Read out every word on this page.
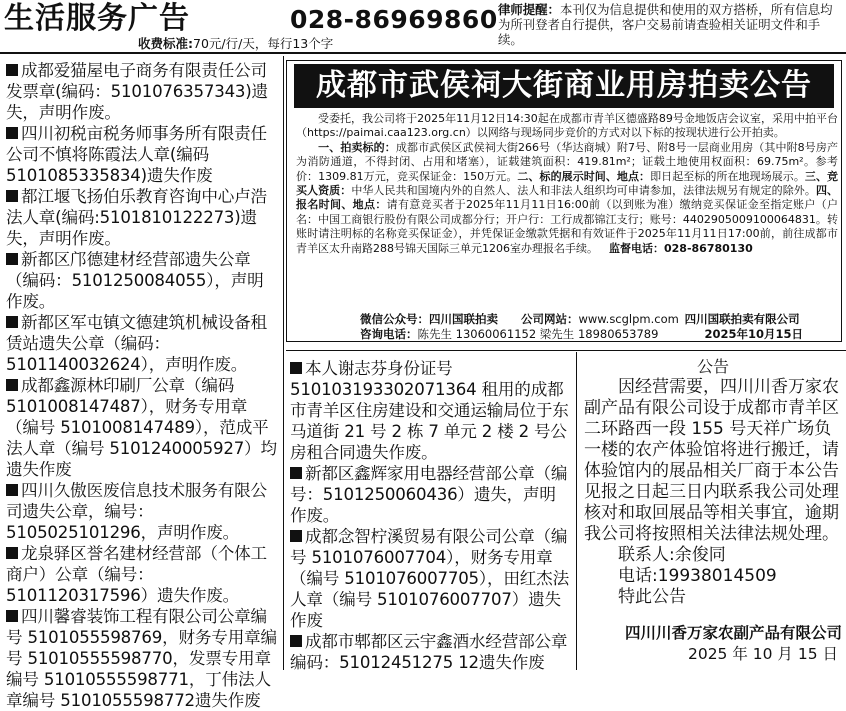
生活服务广告	028-86969860 律师提醒：本刊仅为信息提供和使用的双方搭桥，所有信息均为所刊登者自行提供，客户交易前请查验相关证明文件和手续。
收费标准:70元/行/天，每行13个字

成都爱猫屋电子商务有限责任公司发票章(编码：5101076357343)遗失，声明作废。

四川初税亩税务师事务所有限责任公司不慎将陈霞法人章(编码5101085335834)遗失作废

都江堰飞扬伯乐教育咨询中心卢浩法人章(编码:5101810122273)遗失，声明作废。

新都区邝德建材经营部遗失公章（编码：5101250084055），声明作废。

新都区军屯镇文德建筑机械设备租赁站遗失公章（编码：5101140032624），声明作废。

成都鑫源林印刷厂公章（编码 5101008147487），财务专用章（编号 5101008147489），范成平法人章（编号 5101240005927）均遗失作废

四川久傲医废信息技术服务有限公司遗失公章，编号：5105025101296，声明作废。

龙泉驿区誉名建材经营部（个体工商户）公章（编号：5101120317596）遗失作废。

四川馨睿装饰工程有限公司公章编号 5101055598769，财务专用章编号 51010555598770，发票专用章编号 51010555598771，丁伟法人章编号 5101055598772遗失作废

成都市武侯祠大街商业用房拍卖公告

  受委托，我公司将于2025年11月12日14:30起在成都市青羊区德盛路89号金地饭店会议室，采用中拍平台（https://paimai.caa123.org.cn）以网络与现场同步竞价的方式对以下标的按现状进行公开拍卖。

  一、拍卖标的：成都市武侯区武侯祠大街266号（华达商城）附7号、附8号一层商业用房（其中附8号房产为消防通道，不得封闭、占用和堵塞），证载建筑面积：419.81m²；证载土地使用权面积：69.75m²。参考价：1309.81万元，竞买保证金：150万元。二、标的展示时间、地点：即日起至标的所在地现场展示。三、竞买人资质：中华人民共和国境内外的自然人、法人和非法人组织均可申请参加，法律法规另有规定的除外。四、报名时间、地点：请有意竞买者于2025年11月11日16:00前（以到账为准）缴纳竞买保证金至指定账户（户名：中国工商银行股份有限公司成都分行；开户行：工行成都锦江支行；账号：4402905009100064831。转账时请注明标的名称竞买保证金），并凭保证金缴款凭据和有效证件于2025年11月11日17:00前，前往成都市青羊区太升南路288号锦天国际三单元1206室办理报名手续。  监督电话：028-86780130

微信公众号：四川国联拍卖   公司网站：www.scglpm.com  四川国联拍卖有限公司
咨询电话：陈先生 13060061152 梁先生 18980653789    	2025年10月15日

本人谢志芬身份证号 510103193302071364 租用的成都市青羊区住房建设和交通运输局位于东马道街 21 号 2 栋 7 单元 2 楼 2 号公房租合同遗失作废。

新都区鑫辉家用电器经营部公章（编号：5101250060436）遗失，声明作废。

成都念智柠溪贸易有限公司公章（编号 5101076007704），财务专用章（编号 5101076007705），田红杰法人章（编号 5101076007707）遗失作废

成都市郫都区云宇鑫酒水经营部公章编码：51012451275 12遗失作废

公告

  因经营需要，四川川香万家农副产品有限公司设于成都市青羊区二环路西一段 155 号天祥广场负一楼的农产体验馆将进行搬迁，请体验馆内的展品相关厂商于本公告见报之日起三日内联系我公司处理核对和取回展品等相关事宜，逾期我公司将按照相关法律法规处理。

  联系人:余俊同

  电话:19938014509

  特此公告

四川川香万家农副产品有限公司
2025 年 10 月 15 日
